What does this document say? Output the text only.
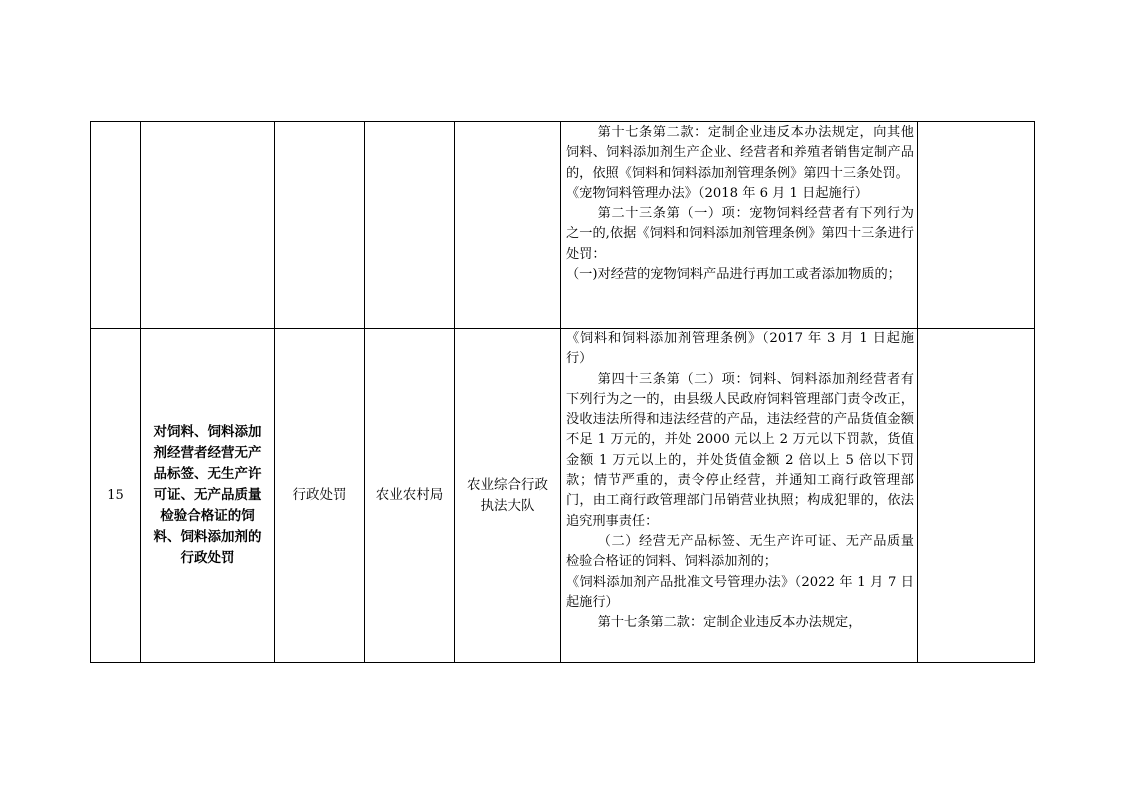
					第十七条第二款：定制企业违反本办法规定，向其他饲料、饲料添加剂生产企业、经营者和养殖者销售定制产品的，依照《饲料和饲料添加剂管理条例》第四十三条处罚。

《宠物饲料管理办法》（2018 年 6 月 1 日起施行）

第二十三条第（一）项：宠物饲料经营者有下列行为之一的,依据《饲料和饲料添加剂管理条例》第四十三条进行处罚：

（一)对经营的宠物饲料产品进行再加工或者添加物质的；	

15	对饲料、饲料添加剂经营者经营无产品标签、无生产许可证、无产品质量检验合格证的饲料、饲料添加剂的行政处罚	行政处罚	农业农村局	农业综合行政执法大队	《饲料和饲料添加剂管理条例》（2017 年 3 月 1 日起施行）

第四十三条第（二）项：饲料、饲料添加剂经营者有下列行为之一的，由县级人民政府饲料管理部门责令改正，没收违法所得和违法经营的产品，违法经营的产品货值金额不足 1 万元的，并处 2000 元以上 2 万元以下罚款，货值金额 1 万元以上的，并处货值金额 2 倍以上 5 倍以下罚款；情节严重的，责令停止经营，并通知工商行政管理部门，由工商行政管理部门吊销营业执照；构成犯罪的，依法追究刑事责任：

（二）经营无产品标签、无生产许可证、无产品质量检验合格证的饲料、饲料添加剂的；

《饲料添加剂产品批准文号管理办法》（2022 年 1 月 7 日起施行）

第十七条第二款：定制企业违反本办法规定，	
